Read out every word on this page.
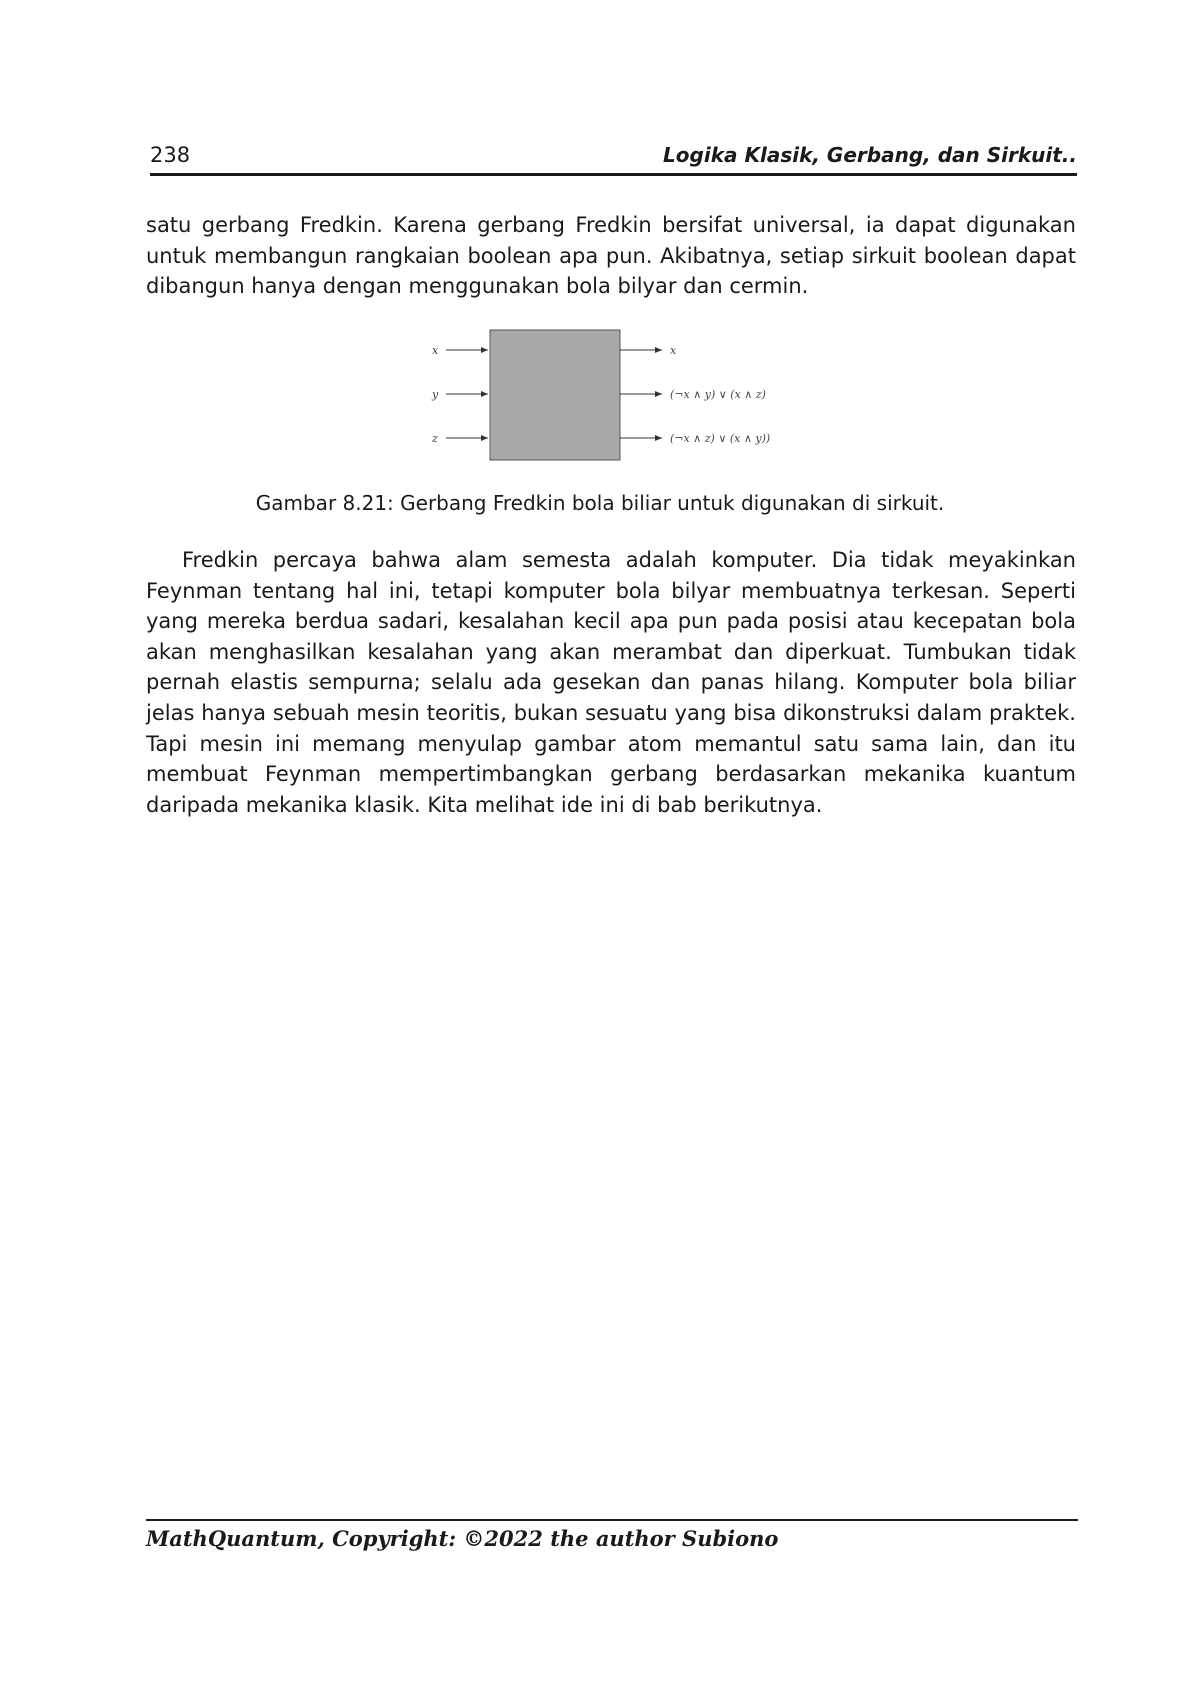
238	Logika Klasik, Gerbang, dan Sirkuit..

satu gerbang Fredkin. Karena gerbang Fredkin bersifat universal, ia dapat digunakan untuk membangun rangkaian boolean apa pun. Akibatnya, setiap sirkuit boolean dapat dibangun hanya dengan menggunakan bola bilyar dan cermin.

x
y
z
x
(¬x ∧ y) ∨ (x ∧ z)
(¬x ∧ z) ∨ (x ∧ y))
Gambar 8.21: Gerbang Fredkin bola biliar untuk digunakan di sirkuit.

Fredkin percaya bahwa alam semesta adalah komputer. Dia tidak meyakinkan Feynman tentang hal ini, tetapi komputer bola bilyar membuatnya terkesan. Seperti yang mereka berdua sadari, kesalahan kecil apa pun pada posisi atau kecepatan bola akan menghasilkan kesalahan yang akan merambat dan diperkuat. Tumbukan tidak pernah elastis sempurna; selalu ada gesekan dan panas hilang. Komputer bola biliar jelas hanya sebuah mesin teoritis, bukan sesuatu yang bisa dikonstruksi dalam praktek. Tapi mesin ini memang menyulap gambar atom memantul satu sama lain, dan itu membuat Feynman mempertimbangkan gerbang berdasarkan mekanika kuantum daripada mekanika klasik. Kita melihat ide ini di bab berikutnya.

MathQuantum, Copyright: ©2022 the author Subiono
